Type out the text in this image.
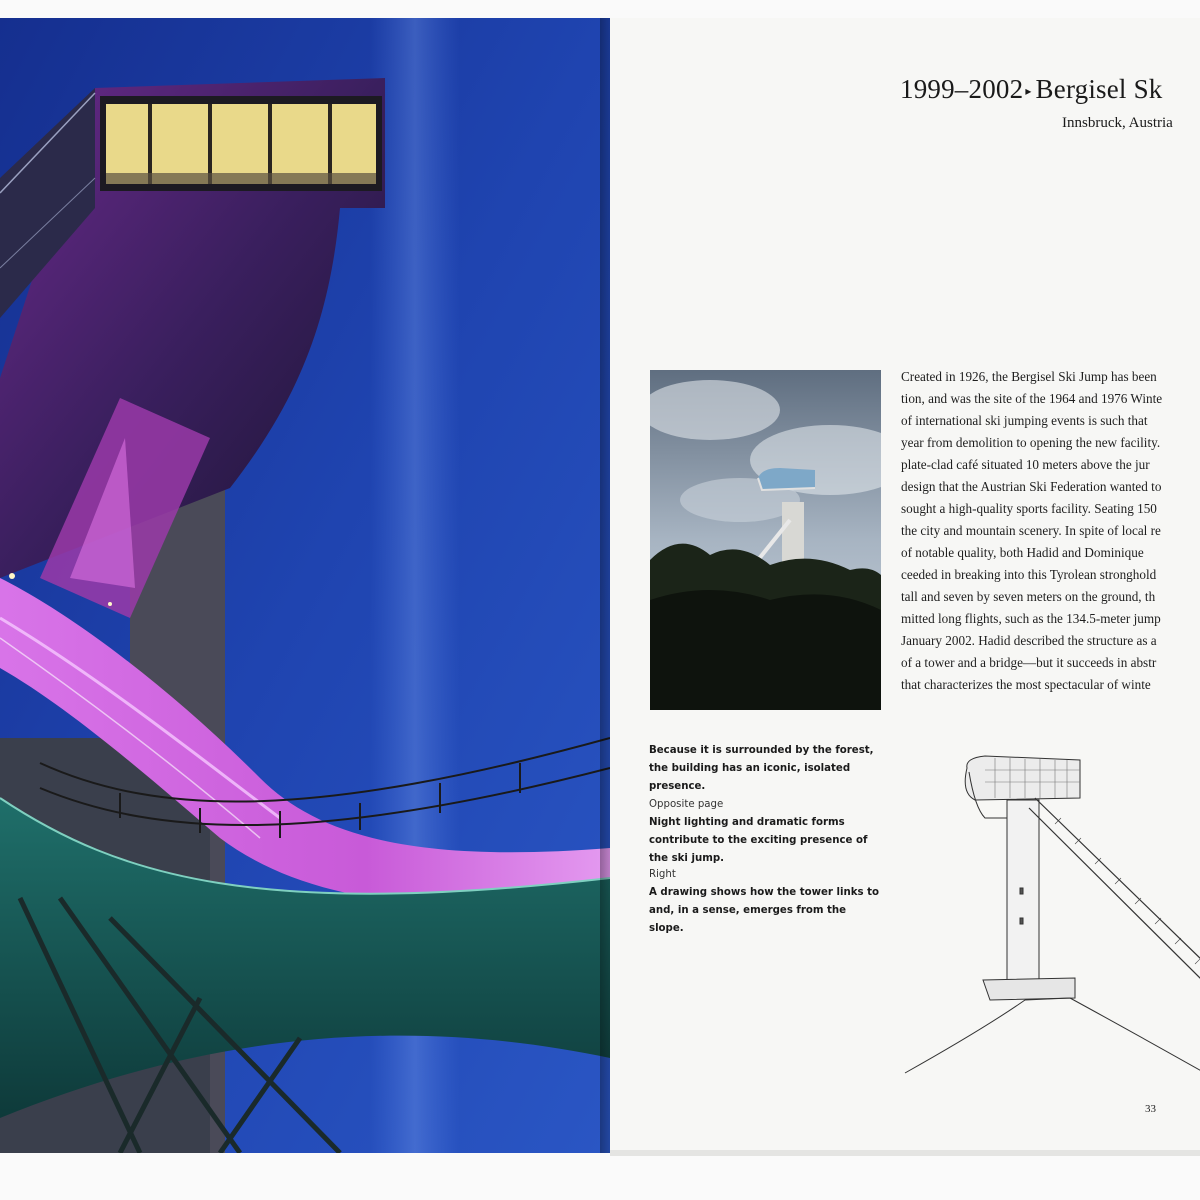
1999–2002 ▸ Bergisel Sk
Innsbruck, Austria
Created in 1926, the Bergisel Ski Jump has been
tion, and was the site of the 1964 and 1976 Winte
of international ski jumping events is such that
year from demolition to opening the new facility.
plate-clad café situated 10 meters above the jur
design that the Austrian Ski Federation wanted to
sought a high-quality sports facility. Seating 150
the city and mountain scenery. In spite of local re
of notable quality, both Hadid and Dominique
ceeded in breaking into this Tyrolean stronghold
tall and seven by seven meters on the ground, th
mitted long flights, such as the 134.5-meter jump
January 2002. Hadid described the structure as a
of a tower and a bridge—but it succeeds in abstr
that characterizes the most spectacular of winte
Because it is surrounded by the forest, the building has an iconic, isolated presence.
Opposite page
Night lighting and dramatic forms contribute to the exciting presence of the ski jump.
Right
A drawing shows how the tower links to and, in a sense, emerges from the slope.
33
